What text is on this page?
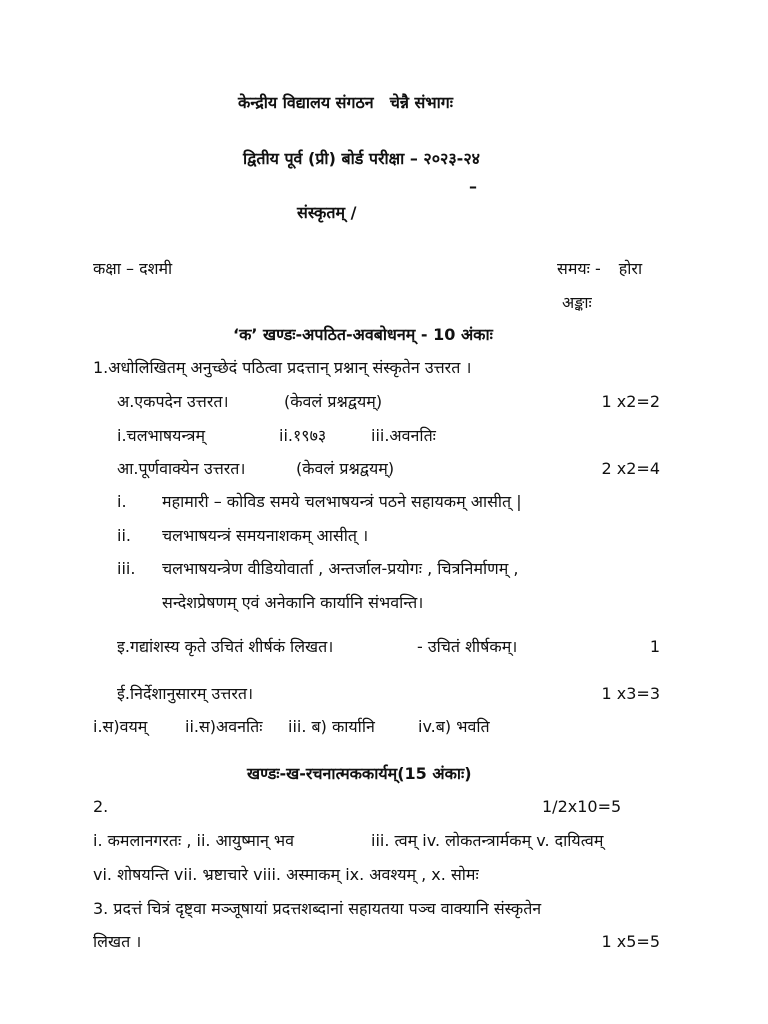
केन्द्रीय विद्यालय संगठन चेन्नै संभागः
द्वितीय पूर्व (प्री) बोर्ड परीक्षा – २०२३-२४
–
संस्कृतम् /
कक्षा – दशमी	समयः - होरा
अङ्काः
‘क’ खण्डः-अपठित-अवबोधनम् - 10 अंकाः
1.अधोलिखितम् अनुच्छेदं पठित्वा प्रदत्तान् प्रश्नान् संस्कृतेन उत्तरत ।
अ.एकपदेन उत्तरत।	(केवलं प्रश्नद्वयम्)	1 x2=2
i.चलभाषयन्त्रम्	ii.१९७३	iii.अवनतिः
आ.पूर्णवाक्येन उत्तरत।	(केवलं प्रश्नद्वयम्)	2 x2=4
i. महामारी – कोविड समये चलभाषयन्त्रं पठने सहायकम् आसीत् |
ii. चलभाषयन्त्रं समयनाशकम् आसीत् ।
iii. चलभाषयन्त्रेण वीडियोवार्ता , अन्तर्जाल-प्रयोगः , चित्रनिर्माणम् ,
सन्देशप्रेषणम् एवं अनेकानि कार्यानि संभवन्ति।
इ.गद्यांशस्य कृते उचितं शीर्षकं लिखत।	- उचितं शीर्षकम्।	1
ई.निर्देशानुसारम् उत्तरत।	1 x3=3
i.स)वयम् ii.स)अवनतिः iii. ब) कार्यानि	iv.ब) भवति
खण्डः-ख-रचनात्मककार्यम्(15 अंकाः)
2.	1/2x10=5
i. कमलानगरतः , ii. आयुष्मान् भव	iii. त्वम् iv. लोकतन्त्रार्मकम् v. दायित्वम्
vi. शोषयन्ति vii. भ्रष्टाचारे viii. अस्माकम् ix. अवश्यम् , x. सोमः
3. प्रदत्तं चित्रं दृष्ट्वा मञ्जूषायां प्रदत्तशब्दानां सहायतया पञ्च वाक्यानि संस्कृतेन
लिखत ।	1 x5=5
